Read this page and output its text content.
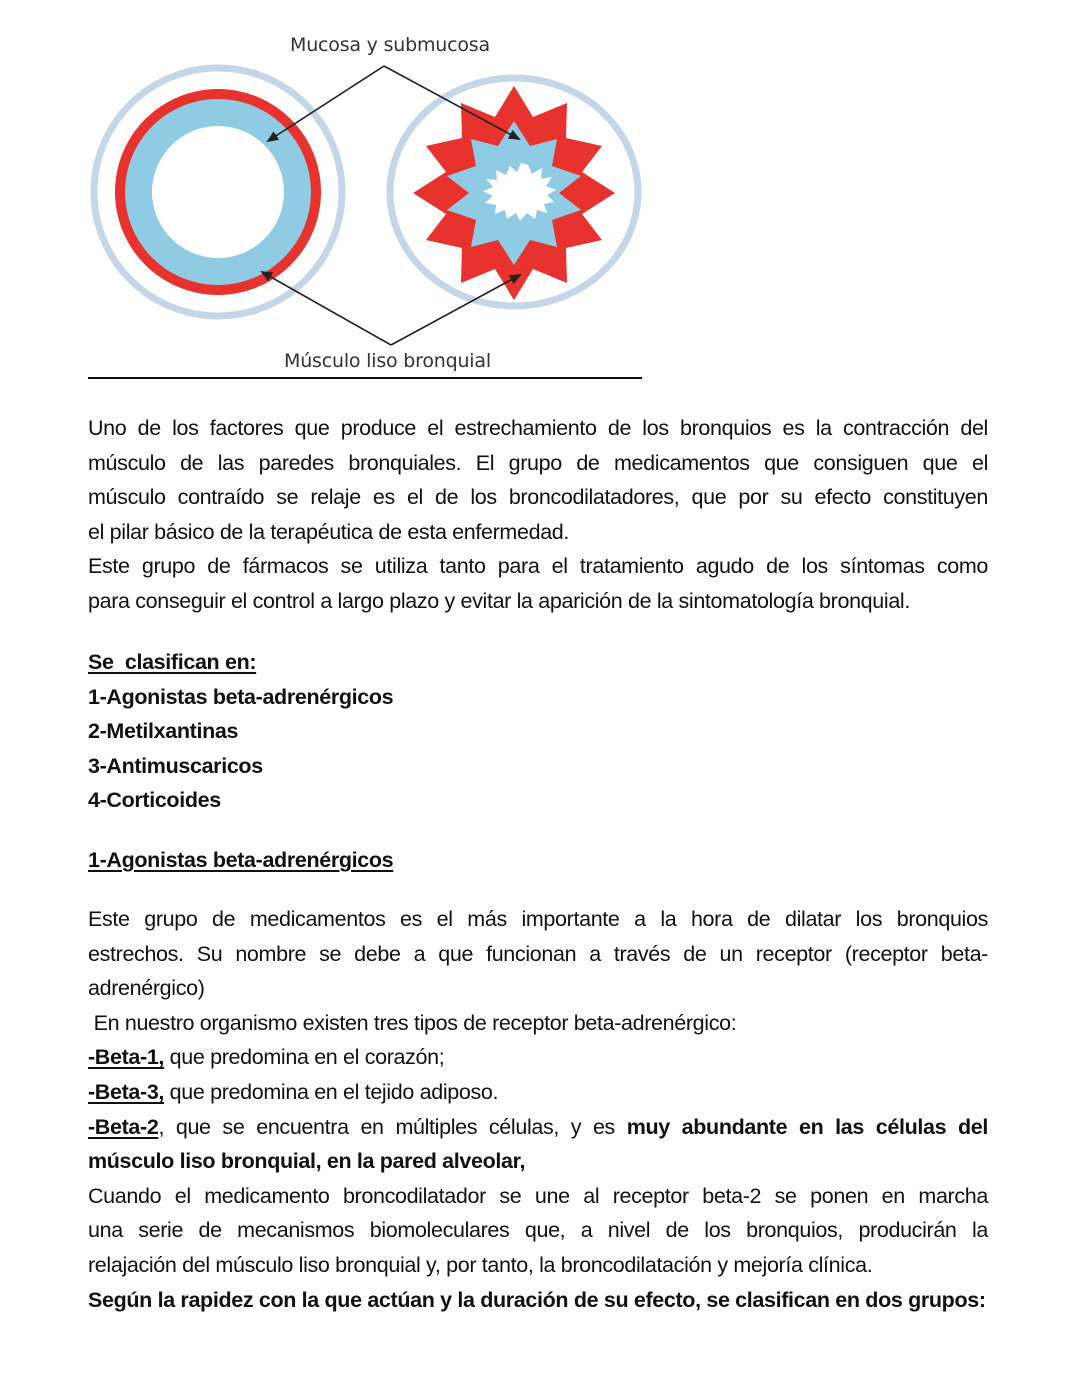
Mucosa y submucosa
Músculo liso bronquial

Uno de los factores que produce el estrechamiento de los bronquios es la contracción del

músculo de las paredes bronquiales. El grupo de medicamentos que consiguen que el

músculo contraído se relaje es el de los broncodilatadores, que por su efecto constituyen

el pilar básico de la terapéutica de esta enfermedad.

Este grupo de fármacos se utiliza tanto para el tratamiento agudo de los síntomas como

para conseguir el control a largo plazo y evitar la aparición de la sintomatología bronquial.

Se  clasifican en:

1-Agonistas beta-adrenérgicos

2-Metilxantinas

3-Antimuscaricos

4-Corticoides

1-Agonistas beta-adrenérgicos

Este grupo de medicamentos es el más importante a la hora de dilatar los bronquios

estrechos. Su nombre se debe a que funcionan a través de un receptor (receptor beta-

adrenérgico)

En nuestro organismo existen tres tipos de receptor beta-adrenérgico:

-Beta-1, que predomina en el corazón;

-Beta-3, que predomina en el tejido adiposo.

-Beta-2, que se encuentra en múltiples células, y es muy abundante en las células del

músculo liso bronquial, en la pared alveolar,

Cuando el medicamento broncodilatador se une al receptor beta-2 se ponen en marcha

una serie de mecanismos biomoleculares que, a nivel de los bronquios, producirán la

relajación del músculo liso bronquial y, por tanto, la broncodilatación y mejoría clínica.

Según la rapidez con la que actúan y la duración de su efecto, se clasifican en dos grupos:
